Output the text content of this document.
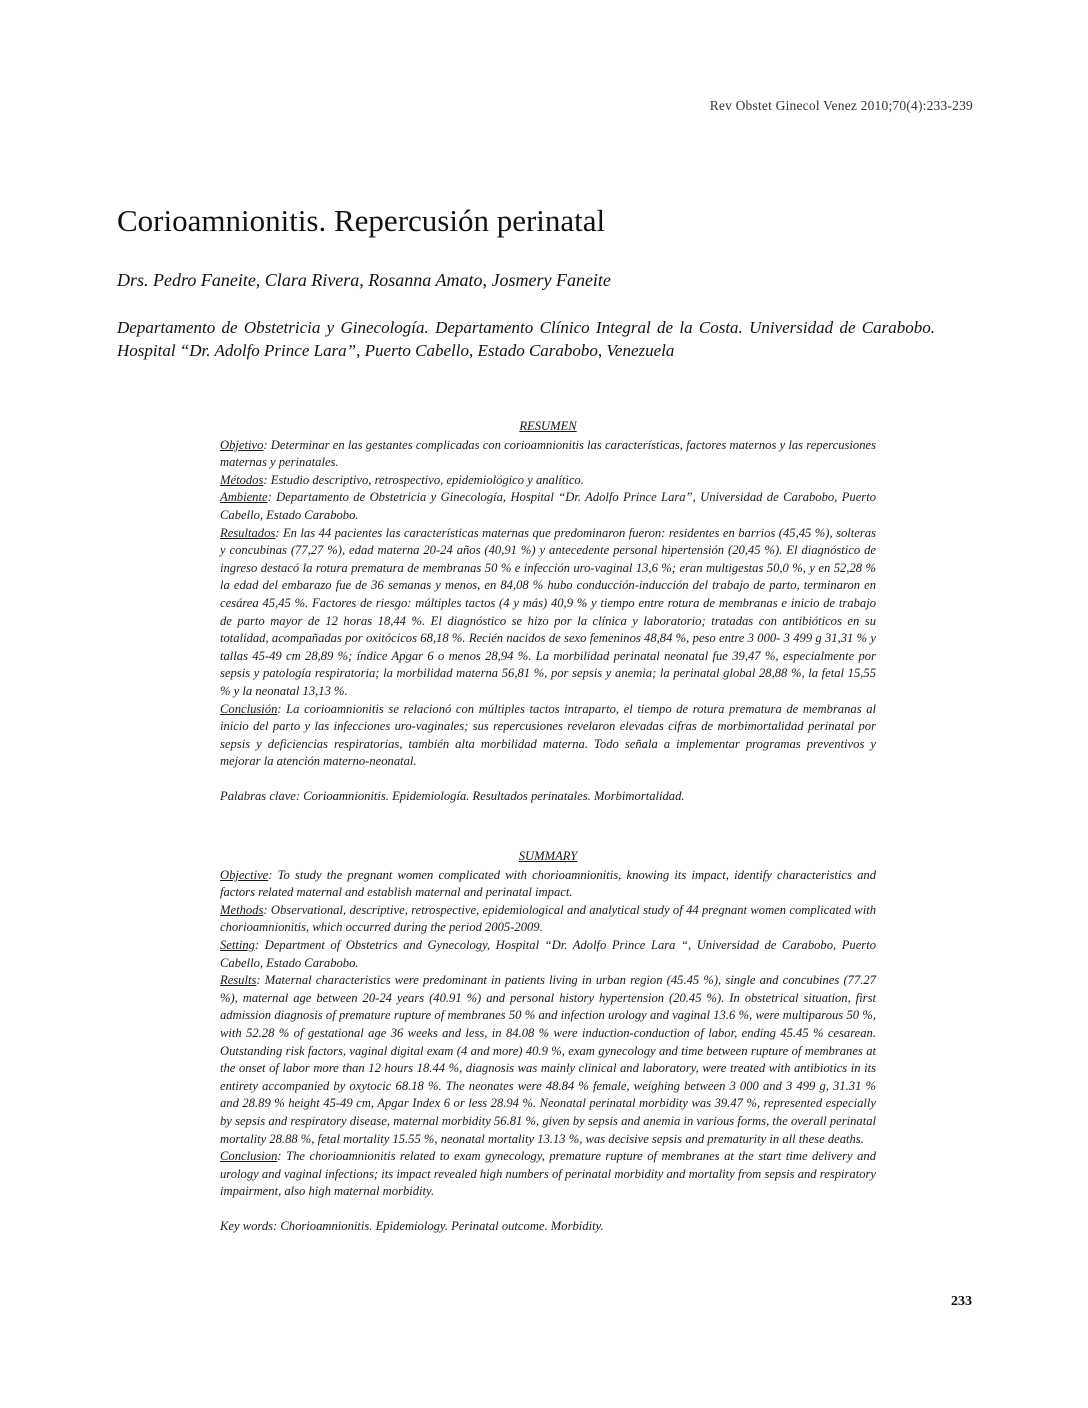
Rev Obstet Ginecol Venez 2010;70(4):233-239
Corioamnionitis. Repercusión perinatal
Drs. Pedro Faneite, Clara Rivera, Rosanna Amato, Josmery Faneite
Departamento de Obstetricia y Ginecología. Departamento Clínico Integral de la Costa. Universidad de Carabobo. Hospital “Dr. Adolfo Prince Lara”, Puerto Cabello, Estado Carabobo, Venezuela

RESUMEN

Objetivo: Determinar en las gestantes complicadas con corioamnionitis las características, factores maternos y las repercusiones maternas y perinatales.

Métodos: Estudio descriptivo, retrospectivo, epidemiológico y analítico.

Ambiente: Departamento de Obstetricia y Ginecología, Hospital “Dr. Adolfo Prince Lara”, Universidad de Carabobo, Puerto Cabello, Estado Carabobo.

Resultados: En las 44 pacientes las características maternas que predominaron fueron: residentes en barrios (45,45 %), solteras y concubinas (77,27 %), edad materna 20-24 años (40,91 %) y antecedente personal hipertensión (20,45 %). El diagnóstico de ingreso destacó la rotura prematura de membranas 50 % e infección uro-vaginal 13,6 %; eran multigestas 50,0 %, y en 52,28 % la edad del embarazo fue de 36 semanas y menos, en 84,08 % hubo conducción-inducción del trabajo de parto, terminaron en cesárea 45,45 %. Factores de riesgo: múltiples tactos (4 y más) 40,9 % y tiempo entre rotura de membranas e inicio de trabajo de parto mayor de 12 horas 18,44 %. El diagnóstico se hizo por la clínica y laboratorio; tratadas con antibióticos en su totalidad, acompañadas por oxitócicos 68,18 %. Recién nacidos de sexo femeninos 48,84 %, peso entre 3 000- 3 499 g 31,31 % y tallas 45-49 cm 28,89 %; índice Apgar 6 o menos 28,94 %. La morbilidad perinatal neonatal fue 39,47 %, especialmente por sepsis y patología respiratoria; la morbilidad materna 56,81 %, por sepsis y anemia; la perinatal global 28,88 %, la fetal 15,55 % y la neonatal 13,13 %.

Conclusión: La corioamnionitis se relacionó con múltiples tactos intraparto, el tiempo de rotura prematura de membranas al inicio del parto y las infecciones uro-vaginales; sus repercusiones revelaron elevadas cifras de morbimortalidad perinatal por sepsis y deficiencias respiratorias, también alta morbilidad materna. Todo señala a implementar programas preventivos y mejorar la atención materno-neonatal.

Palabras clave: Corioamnionitis. Epidemiología. Resultados perinatales. Morbimortalidad.

SUMMARY

Objective: To study the pregnant women complicated with chorioamnionitis, knowing its impact, identify characteristics and factors related maternal and establish maternal and perinatal impact.

Methods: Observational, descriptive, retrospective, epidemiological and analytical study of 44 pregnant women complicated with chorioamnionitis, which occurred during the period 2005-2009.

Setting: Department of Obstetrics and Gynecology, Hospital “Dr. Adolfo Prince Lara “, Universidad de Carabobo, Puerto Cabello, Estado Carabobo.

Results: Maternal characteristics were predominant in patients living in urban region (45.45 %), single and concubines (77.27 %), maternal age between 20-24 years (40.91 %) and personal history hypertension (20.45 %). In obstetrical situation, first admission diagnosis of premature rupture of membranes 50 % and infection urology and vaginal 13.6 %, were multiparous 50 %, with 52.28 % of gestational age 36 weeks and less, in 84.08 % were induction-conduction of labor, ending 45.45 % cesarean. Outstanding risk factors, vaginal digital exam (4 and more) 40.9 %, exam gynecology and time between rupture of membranes at the onset of labor more than 12 hours 18.44 %, diagnosis was mainly clinical and laboratory, were treated with antibiotics in its entirety accompanied by oxytocic 68.18 %. The neonates were 48.84 % female, weighing between 3 000 and 3 499 g, 31.31 % and 28.89 % height 45-49 cm, Apgar Index 6 or less 28.94 %. Neonatal perinatal morbidity was 39.47 %, represented especially by sepsis and respiratory disease, maternal morbidity 56.81 %, given by sepsis and anemia in various forms, the overall perinatal mortality 28.88 %, fetal mortality 15.55 %, neonatal mortality 13.13 %, was decisive sepsis and prematurity in all these deaths.

Conclusion: The chorioamnionitis related to exam gynecology, premature rupture of membranes at the start time delivery and urology and vaginal infections; its impact revealed high numbers of perinatal morbidity and mortality from sepsis and respiratory impairment, also high maternal morbidity.

Key words: Chorioamnionitis. Epidemiology. Perinatal outcome. Morbidity.

233
